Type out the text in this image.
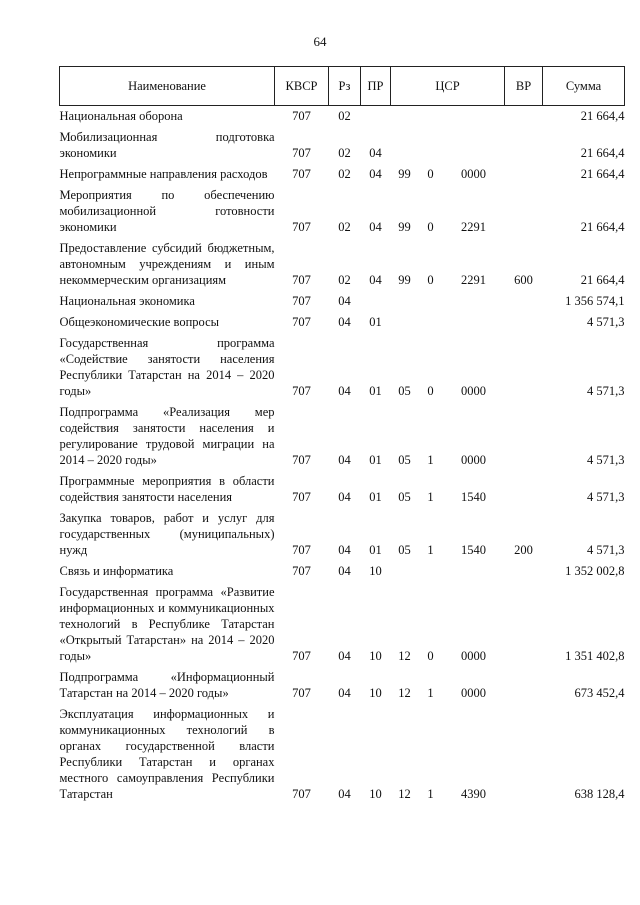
64
Наименование	КВСР	Рз	ПР	ЦСР			ВР	Сумма
Национальная оборона	707	02						21 664,4
Мобилизационная подготовка экономики	707	02	04					21 664,4
Непрограммные направления расходов	707	02	04	99	0	0000		21 664,4
Мероприятия по обеспечению мобилизационной готовности экономики	707	02	04	99	0	2291		21 664,4
Предоставление субсидий бюджетным, автономным учреждениям и иным некоммерческим организациям	707	02	04	99	0	2291	600	21 664,4
Национальная экономика	707	04						1 356 574,1
Общеэкономические вопросы	707	04	01					4 571,3
Государственная программа «Содействие занятости населения Республики Татарстан на 2014 – 2020 годы»	707	04	01	05	0	0000		4 571,3
Подпрограмма «Реализация мер содействия занятости населения и регулирование трудовой миграции на 2014 – 2020 годы»	707	04	01	05	1	0000		4 571,3
Программные мероприятия в области содействия занятости населения	707	04	01	05	1	1540		4 571,3
Закупка товаров, работ и услуг для государственных (муниципальных) нужд	707	04	01	05	1	1540	200	4 571,3
Связь и информатика	707	04	10					1 352 002,8
Государственная программа «Развитие информационных и коммуникационных технологий в Республике Татарстан «Открытый Татарстан» на 2014 – 2020 годы»	707	04	10	12	0	0000		1 351 402,8
Подпрограмма «Информационный Татарстан на 2014 – 2020 годы»	707	04	10	12	1	0000		673 452,4
Эксплуатация информационных и коммуникационных технологий в органах государственной власти Республики Татарстан и органах местного самоуправления Республики Татарстан	707	04	10	12	1	4390		638 128,4
